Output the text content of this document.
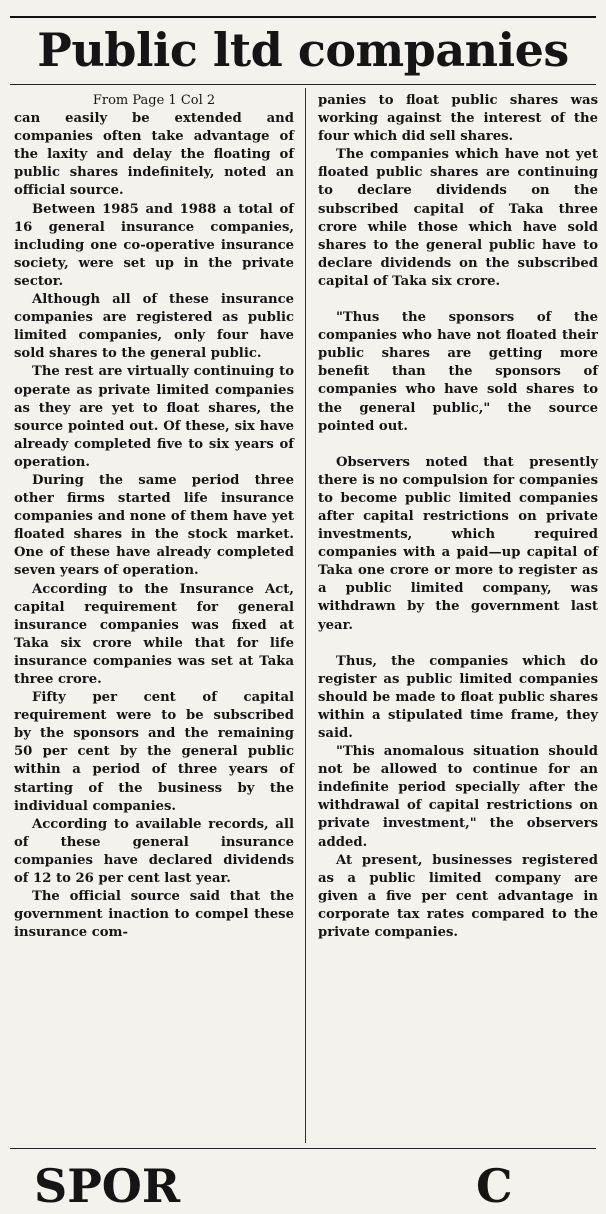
Public ltd companies

From Page 1 Col 2

can easily be extended and companies often take advantage of the laxity and delay the floating of public shares indefinitely, noted an official source.

Between 1985 and 1988 a total of 16 general insurance companies, including one co-operative insurance society, were set up in the private sector.

Although all of these insurance companies are registered as public limited companies, only four have sold shares to the general public.

The rest are virtually continuing to operate as private limited companies as they are yet to float shares, the source pointed out. Of these, six have already completed five to six years of operation.

During the same period three other firms started life insurance companies and none of them have yet floated shares in the stock market. One of these have already completed seven years of operation.

According to the Insurance Act, capital requirement for general insurance companies was fixed at Taka six crore while that for life insurance companies was set at Taka three crore.

Fifty per cent of capital requirement were to be subscribed by the sponsors and the remaining 50 per cent by the general public within a period of three years of starting of the business by the individual companies.

According to available records, all of these general insurance companies have declared dividends of 12 to 26 per cent last year.

The official source said that the government inaction to compel these insurance com-

panies to float public shares was working against the interest of the four which did sell shares.

The companies which have not yet floated public shares are continuing to declare dividends on the subscribed capital of Taka three crore while those which have sold shares to the general public have to declare dividends on the subscribed capital of Taka six crore.

"Thus the sponsors of the companies who have not floated their public shares are getting more benefit than the sponsors of companies who have sold shares to the general public," the source pointed out.

Observers noted that presently there is no compulsion for companies to become public limited companies after capital restrictions on private investments, which required companies with a paid—up capital of Taka one crore or more to register as a public limited company, was withdrawn by the government last year.

Thus, the companies which do register as public limited companies should be made to float public shares within a stipulated time frame, they said.

"This anomalous situation should not be allowed to continue for an indefinite period specially after the withdrawal of capital restrictions on private investment," the observers added.

At present, businesses registered as a public limited company are given a five per cent advantage in corporate tax rates compared to the private companies.

SPOR	C
